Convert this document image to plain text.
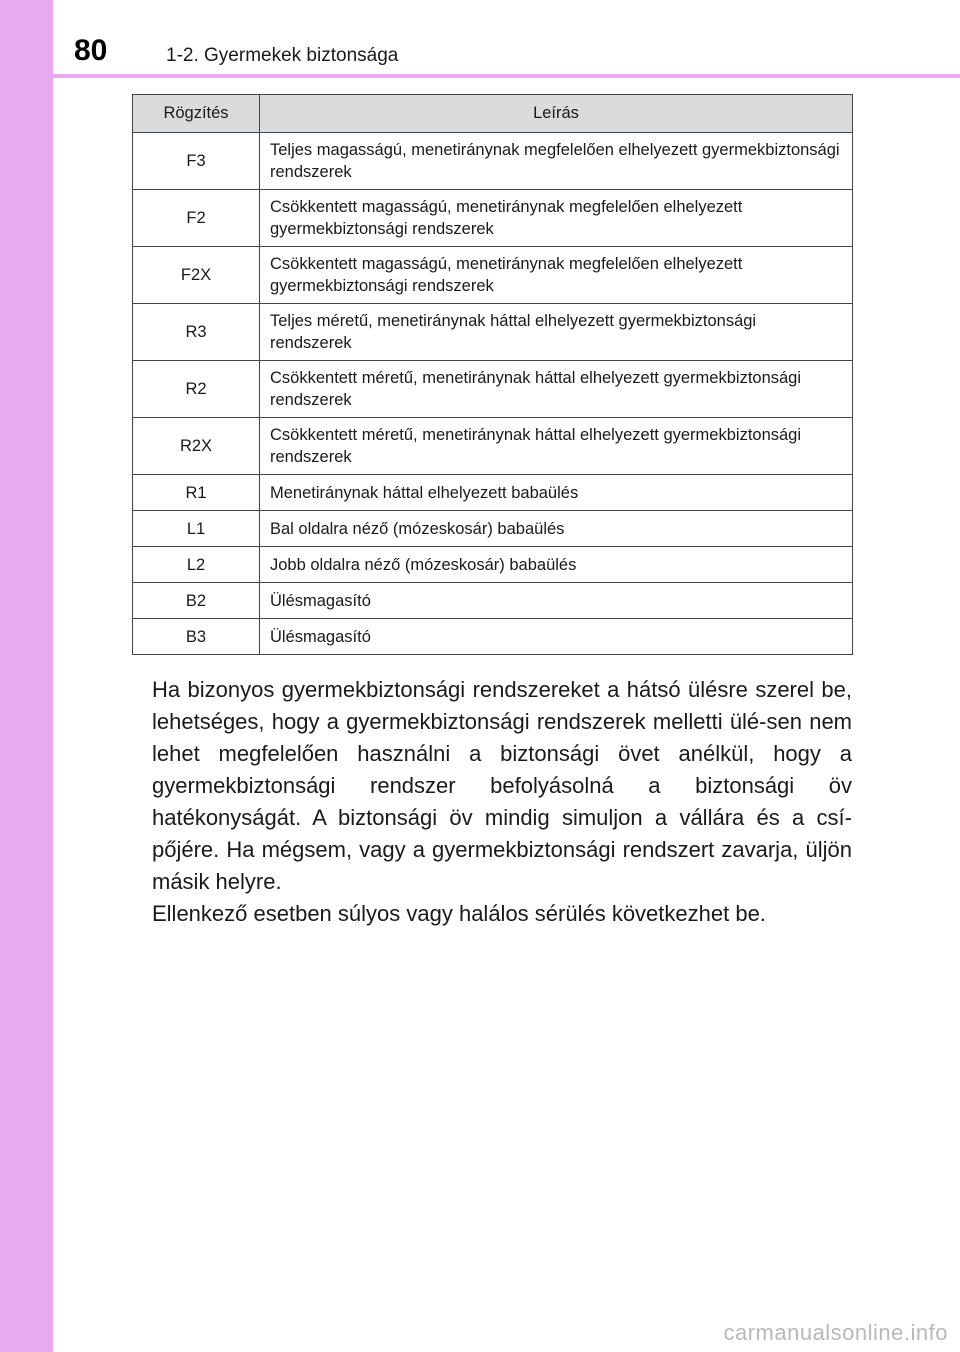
80	1-2. Gyermekek biztonsága
Rögzítés	Leírás
F3	Teljes magasságú, menetiránynak megfelelően elhelyezett gyermekbiztonsági rendszerek
F2	Csökkentett magasságú, menetiránynak megfelelően elhelyezett gyermekbiztonsági rendszerek
F2X	Csökkentett magasságú, menetiránynak megfelelően elhelyezett gyermekbiztonsági rendszerek
R3	Teljes méretű, menetiránynak háttal elhelyezett gyermekbiztonsági rendszerek
R2	Csökkentett méretű, menetiránynak háttal elhelyezett gyermekbiztonsági rendszerek
R2X	Csökkentett méretű, menetiránynak háttal elhelyezett gyermekbiztonsági rendszerek
R1	Menetiránynak háttal elhelyezett babaülés
L1	Bal oldalra néző (mózeskosár) babaülés
L2	Jobb oldalra néző (mózeskosár) babaülés
B2	Ülésmagasító
B3	Ülésmagasító

Ha bizonyos gyermekbiztonsági rendszereket a hátsó ülésre szerel be, lehetséges, hogy a gyermekbiztonsági rendszerek melletti ülé-sen nem lehet megfelelően használni a biztonsági övet anélkül, hogy a gyermekbiztonsági rendszer befolyásolná a biztonsági öv hatékonyságát. A biztonsági öv mindig simuljon a vállára és a csí-pőjére. Ha mégsem, vagy a gyermekbiztonsági rendszert zavarja, üljön másik helyre.

Ellenkező esetben súlyos vagy halálos sérülés következhet be.

carmanualsonline.info
